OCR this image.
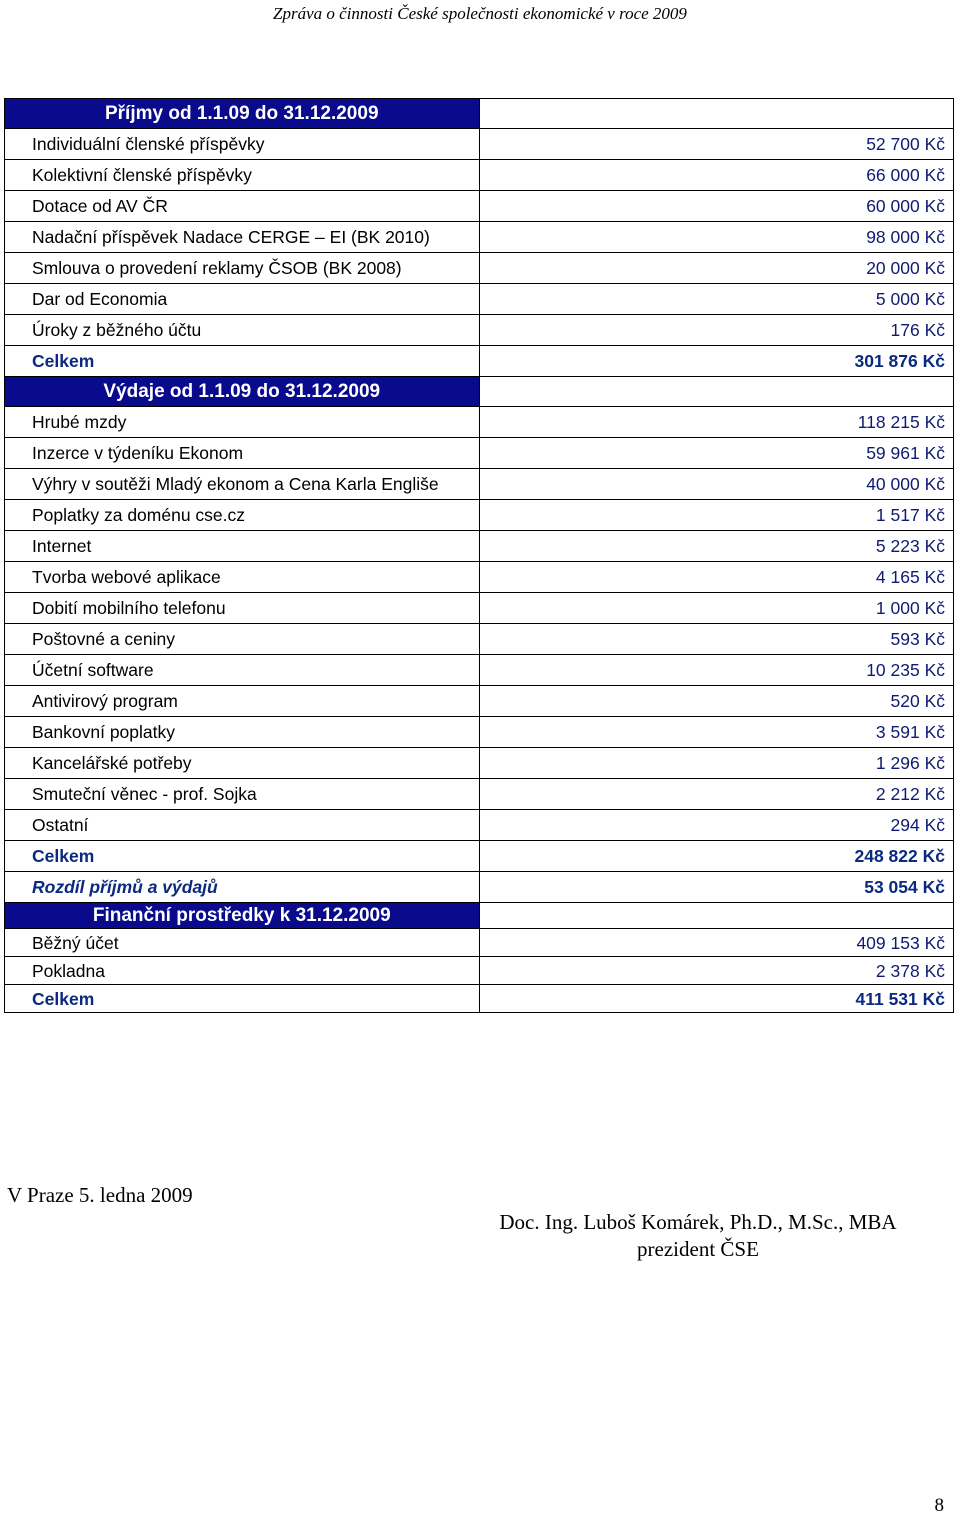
Zpráva o činnosti České společnosti ekonomické v roce 2009
Příjmy od 1.1.09 do 31.12.2009	
Individuální členské příspěvky	52 700 Kč
Kolektivní členské příspěvky	66 000 Kč
Dotace od AV ČR	60 000 Kč
Nadační příspěvek Nadace CERGE – EI (BK 2010)	98 000 Kč
Smlouva o provedení reklamy ČSOB (BK 2008)	20 000 Kč
Dar od Economia	5 000 Kč
Úroky z běžného účtu	176 Kč
Celkem	301 876 Kč
Výdaje od 1.1.09 do 31.12.2009	
Hrubé mzdy	118 215 Kč
Inzerce v týdeníku Ekonom	59 961 Kč
Výhry v soutěži Mladý ekonom a Cena Karla Engliše	40 000 Kč
Poplatky za doménu cse.cz	1 517 Kč
Internet	5 223 Kč
Tvorba webové aplikace	4 165 Kč
Dobití mobilního telefonu	1 000 Kč
Poštovné a ceniny	593 Kč
Účetní software	10 235 Kč
Antivirový program	520 Kč
Bankovní poplatky	3 591 Kč
Kancelářské potřeby	1 296 Kč
Smuteční věnec - prof. Sojka	2 212 Kč
Ostatní	294 Kč
Celkem	248 822 Kč
Rozdíl příjmů a výdajů	53 054 Kč
Finanční prostředky k 31.12.2009	
Běžný účet	409 153 Kč
Pokladna	2 378 Kč
Celkem	411 531 Kč
V Praze 5. ledna 2009
Doc. Ing. Luboš Komárek, Ph.D., M.Sc., MBA
prezident ČSE
8
